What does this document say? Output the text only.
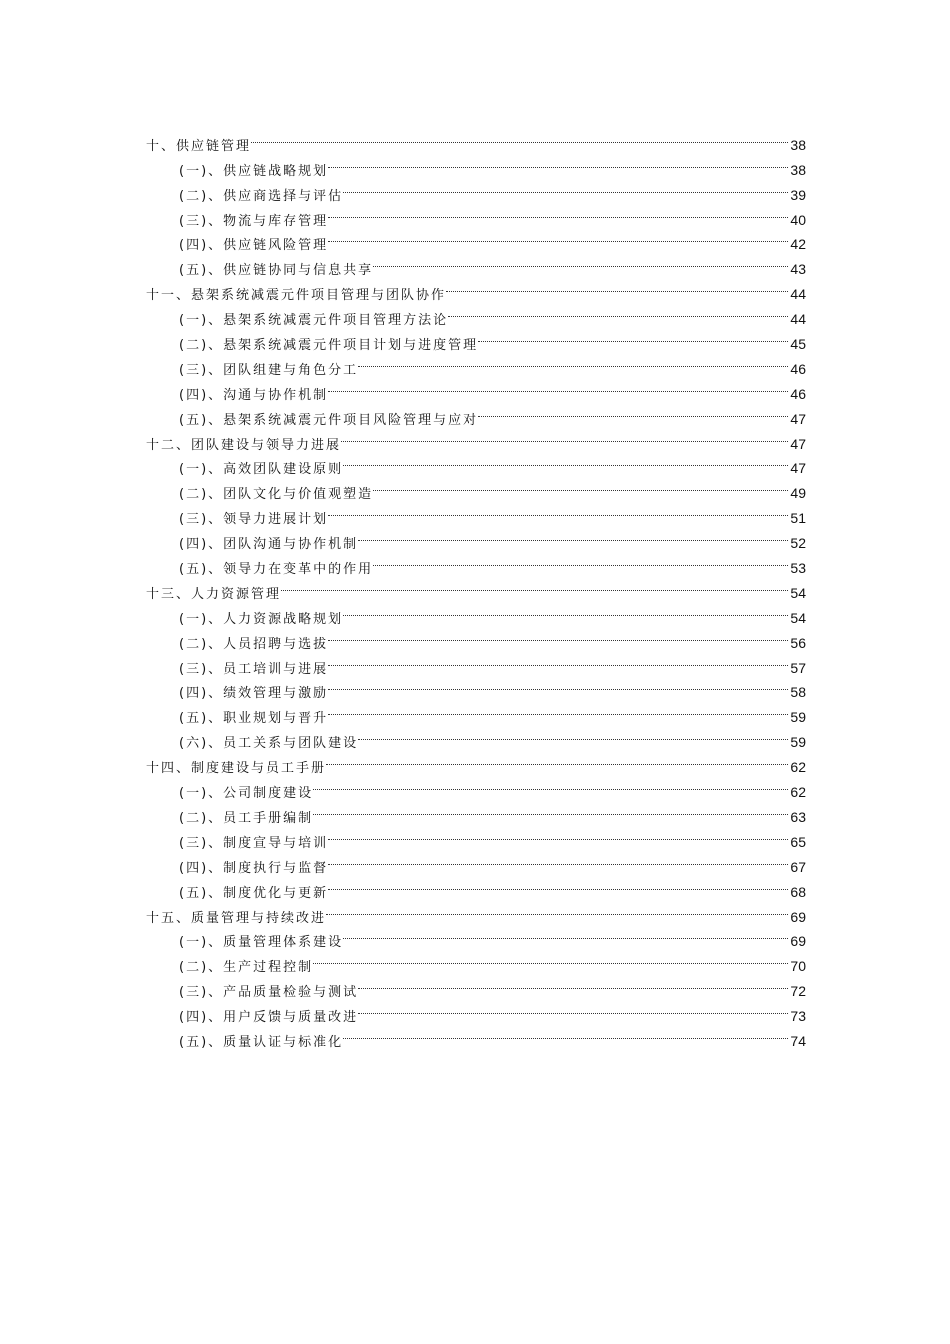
十、供应链管理	38
(一)、供应链战略规划	38
(二)、供应商选择与评估	39
(三)、物流与库存管理	40
(四)、供应链风险管理	42
(五)、供应链协同与信息共享	43
十一、悬架系统减震元件项目管理与团队协作	44
(一)、悬架系统减震元件项目管理方法论	44
(二)、悬架系统减震元件项目计划与进度管理	45
(三)、团队组建与角色分工	46
(四)、沟通与协作机制	46
(五)、悬架系统减震元件项目风险管理与应对	47
十二、团队建设与领导力进展	47
(一)、高效团队建设原则	47
(二)、团队文化与价值观塑造	49
(三)、领导力进展计划	51
(四)、团队沟通与协作机制	52
(五)、领导力在变革中的作用	53
十三、人力资源管理	54
(一)、人力资源战略规划	54
(二)、人员招聘与选拔	56
(三)、员工培训与进展	57
(四)、绩效管理与激励	58
(五)、职业规划与晋升	59
(六)、员工关系与团队建设	59
十四、制度建设与员工手册	62
(一)、公司制度建设	62
(二)、员工手册编制	63
(三)、制度宣导与培训	65
(四)、制度执行与监督	67
(五)、制度优化与更新	68
十五、质量管理与持续改进	69
(一)、质量管理体系建设	69
(二)、生产过程控制	70
(三)、产品质量检验与测试	72
(四)、用户反馈与质量改进	73
(五)、质量认证与标准化	74
